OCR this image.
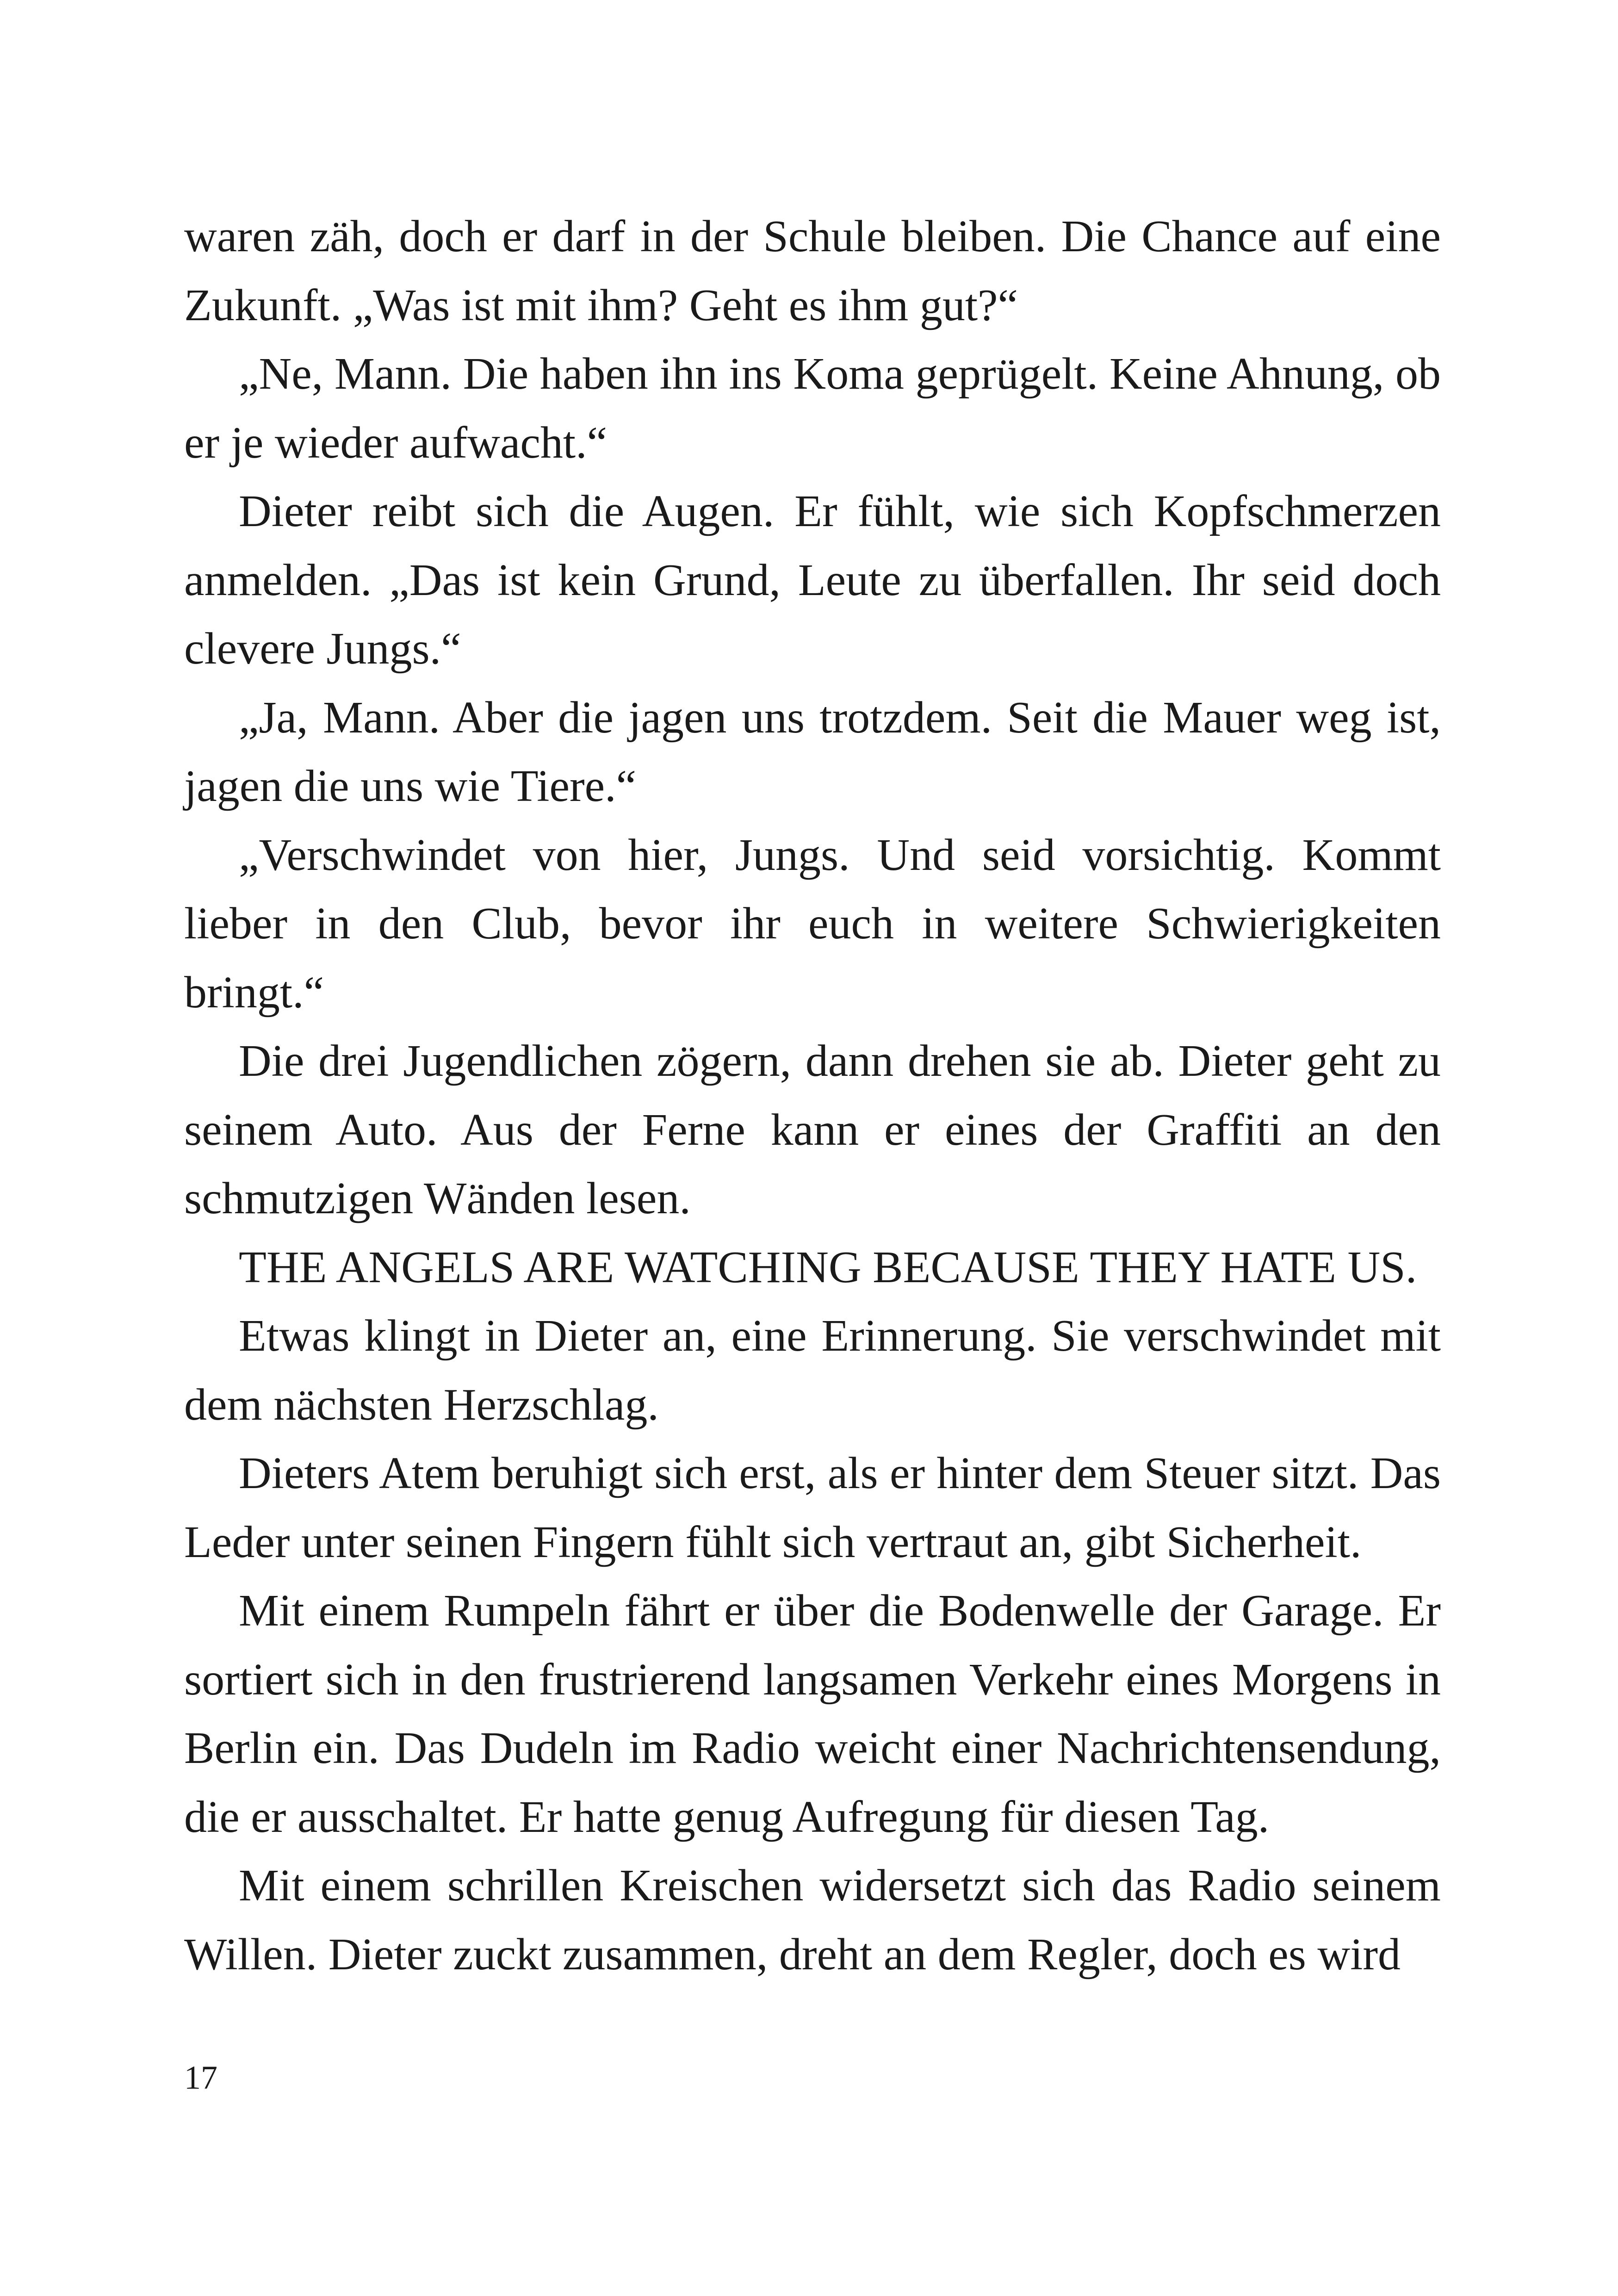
waren zäh, doch er darf in der Schule bleiben. Die Chance auf eine Zukunft. „Was ist mit ihm? Geht es ihm gut?“

„Ne, Mann. Die haben ihn ins Koma geprügelt. Keine Ahnung, ob er je wieder aufwacht.“

Dieter reibt sich die Augen. Er fühlt, wie sich Kopfschmerzen anmelden. „Das ist kein Grund, Leute zu überfallen. Ihr seid doch clevere Jungs.“

„Ja, Mann. Aber die jagen uns trotzdem. Seit die Mauer weg ist, jagen die uns wie Tiere.“

„Verschwindet von hier, Jungs. Und seid vorsichtig. Kommt lieber in den Club, bevor ihr euch in weitere Schwierigkeiten bringt.“

Die drei Jugendlichen zögern, dann drehen sie ab. Dieter geht zu seinem Auto. Aus der Ferne kann er eines der Graffiti an den schmutzigen Wänden lesen.

THE ANGELS ARE WATCHING BECAUSE THEY HATE US.

Etwas klingt in Dieter an, eine Erinnerung. Sie verschwindet mit dem nächsten Herzschlag.

Dieters Atem beruhigt sich erst, als er hinter dem Steuer sitzt. Das Leder unter seinen Fingern fühlt sich vertraut an, gibt Sicherheit.

Mit einem Rumpeln fährt er über die Bodenwelle der Garage. Er sortiert sich in den frustrierend langsamen Verkehr eines Morgens in Berlin ein. Das Dudeln im Radio weicht einer Nachrichtensendung, die er ausschaltet. Er hatte genug Aufregung für diesen Tag.

Mit einem schrillen Kreischen widersetzt sich das Radio seinem Willen. Dieter zuckt zusammen, dreht an dem Regler, doch es wird

17
